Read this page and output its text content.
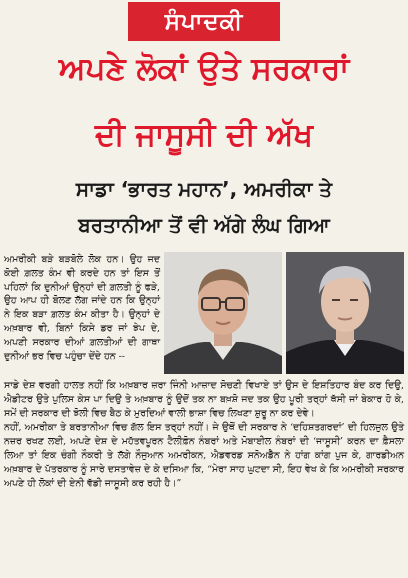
ਸੰਪਾਦਕੀ
ਅਪਣੇ ਲੋਕਾਂ ਉਤੇ ਸਰਕਾਰਾਂ
ਦੀ ਜਾਸੂਸੀ ਦੀ ਅੱਖ
ਸਾਡਾ ‘ਭਾਰਤ ਮਹਾਨ’, ਅਮਰੀਕਾ ਤੇ
ਬਰਤਾਨੀਆ ਤੋਂ ਵੀ ਅੱਗੇ ਲੰਘ ਗਿਆ

ਅਮਰੀਕੀ ਬੜੇ ਬੜਬੋਲੇ ਲੋਕ ਹਨ। ਉਹ ਜਦ ਕੋਈ ਗ਼ਲਤ ਕੰਮ ਵੀ ਕਰਦੇ ਹਨ ਤਾਂ ਇਸ ਤੋਂ ਪਹਿਲਾਂ ਕਿ ਦੁਨੀਆਂ ਉਨ੍ਹਾਂ ਦੀ ਗ਼ਲਤੀ ਨੂੰ ਫੜੇ, ਉਹ ਆਪ ਹੀ ਬੋਲਣ ਲੱਗ ਜਾਂਦੇ ਹਨ ਕਿ ਉਨ੍ਹਾਂ ਨੇ ਇਕ ਬੜਾ ਗ਼ਲਤ ਕੰਮ ਕੀਤਾ ਹੈ। ਉਨ੍ਹਾਂ ਦੇ ਅਖ਼ਬਾਰ ਵੀ, ਬਿਨਾਂ ਕਿਸੇ ਡਰ ਜਾਂ ਝੇਪ ਦੇ, ਅਪਣੀ ਸਰਕਾਰ ਦੀਆਂ ਗ਼ਲਤੀਆਂ ਦੀ ਗਾਥਾ ਦੁਨੀਆਂ ਭਰ ਵਿਚ ਪਹੁੰਚਾ ਦੇਂਦੇ ਹਨ --

ਸਾਡੇ ਦੇਸ਼ ਵਰਗੀ ਹਾਲਤ ਨਹੀਂ ਕਿ ਅਖ਼ਬਾਰ ਜ਼ਰਾ ਜਿੰਨੀ ਆਜ਼ਾਦ ਸੋਚਣੀ ਵਿਖਾਏ ਤਾਂ ਉਸ ਦੇ ਇਸ਼ਤਿਹਾਰ ਬੰਦ ਕਰ ਦਿਉ, ਐਡੀਟਰ ਉਤੇ ਪੁਲਿਸ ਕੇਸ ਪਾ ਦਿਉ ਤੇ ਅਖ਼ਬਾਰ ਨੂੰ ਉਦੋਂ ਤਕ ਨਾ ਬਖ਼ਸ਼ੋ ਜਦ ਤਕ ਉਹ ਪੂਰੀ ਤਰ੍ਹਾਂ ਥੱਸੀ ਜਾਂ ਬੇਕਾਰ ਹੋ ਕੇ, ਸਮੇਂ ਦੀ ਸਰਕਾਰ ਦੀ ਝੋਲੀ ਵਿਚ ਬੈਠ ਕੇ ਮੁਰਦਿਆਂ ਵਾਲੀ ਭਾਸ਼ਾ ਵਿਚ ਲਿਖਣਾ ਸ਼ੁਰੂ ਨਾ ਕਰ ਦੇਵੇ।

ਨਹੀਂ, ਅਮਰੀਕਾ ਤੇ ਬਰਤਾਨੀਆ ਵਿਚ ਗੱਲ ਇਸ ਤਰ੍ਹਾਂ ਨਹੀਂ। ਜੇ ਉਥੋਂ ਦੀ ਸਰਕਾਰ ਨੇ ‘ਦਹਿਸ਼ਤਗਰਦਾਂ’ ਦੀ ਹਿਲਜੁਲ ਉਤੇ ਨਜ਼ਰ ਰਖਣ ਲਈ, ਅਪਣੇ ਦੇਸ਼ ਦੇ ਮਹੱਤਵਪੂਰਨ ਟੈਲੀਫ਼ੋਨ ਨੰਬਰਾਂ ਅਤੇ ਮੋਬਾਈਲ ਨੰਬਰਾਂ ਦੀ ‘ਜਾਸੂਸੀ’ ਕਰਨ ਦਾ ਫ਼ੈਸਲਾ ਲਿਆ ਤਾਂ ਇਕ ਚੰਗੀ ਨੌਕਰੀ ਤੇ ਲੱਗੇ ਨੌਜੁਆਨ ਅਮਰੀਕਨ, ਐਡਵਰਡ ਸਨੋਅਡੈੱਨ ਨੇ ਹਾਂਗ ਕਾਂਗ ਪੁਜ ਕੇ, ਗਾਰਡੀਅਨ ਅਖ਼ਬਾਰ ਦੇ ਪੱਤਰਕਾਰ ਨੂੰ ਸਾਰੇ ਦਸਤਾਵੇਜ਼ ਦੇ ਕੇ ਦਸਿਆ ਕਿ, “ਮੇਰਾ ਸਾਹ ਘੁਟਦਾ ਸੀ, ਇਹ ਵੇਖ ਕੇ ਕਿ ਅਮਰੀਕੀ ਸਰਕਾਰ ਅਪਣੇ ਹੀ ਲੋਕਾਂ ਦੀ ਏਨੀ ਵੱਡੀ ਜਾਸੂਸੀ ਕਰ ਰਹੀ ਹੈ।”
